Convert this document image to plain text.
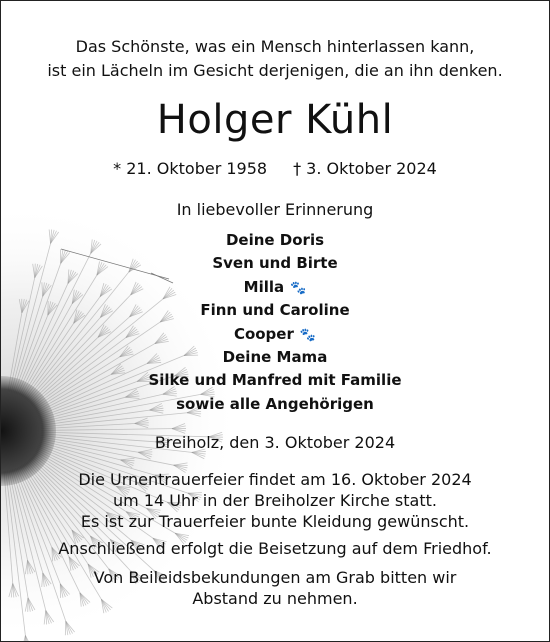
Das Schönste, was ein Mensch hinterlassen kann,
ist ein Lächeln im Gesicht derjenigen, die an ihn denken.
Holger Kühl
* 21. Oktober 1958 † 3. Oktober 2024
In liebevoller Erinnerung
Deine Doris
Sven und Birte
Milla 🐾
Finn und Caroline
Cooper 🐾
Deine Mama
Silke und Manfred mit Familie
sowie alle Angehörigen
Breiholz, den 3. Oktober 2024
Die Urnentrauerfeier findet am 16. Oktober 2024
um 14 Uhr in der Breiholzer Kirche statt.
Es ist zur Trauerfeier bunte Kleidung gewünscht.
Anschließend erfolgt die Beisetzung auf dem Friedhof.
Von Beileidsbekundungen am Grab bitten wir
Abstand zu nehmen.
